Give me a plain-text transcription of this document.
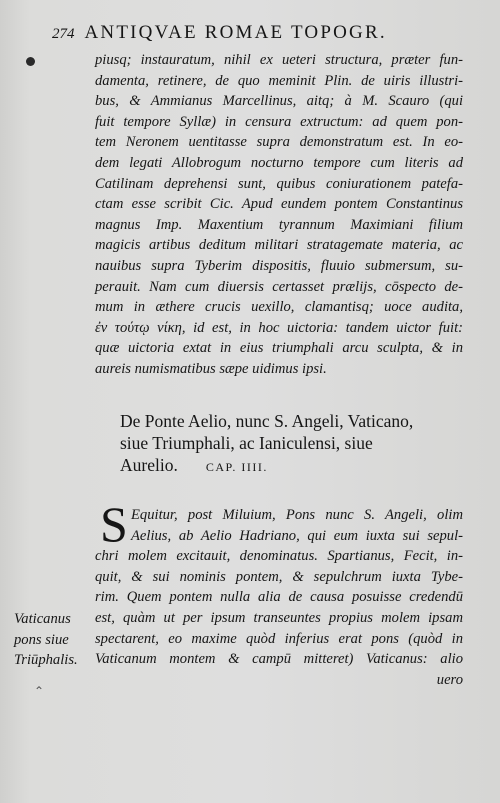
274 ANTIQVAE ROMAE TOPOGR.
piusq; instauratum, nihil ex ueteri structura, præter fun-
damenta, retinere, de quo meminit Plin. de uiris illustri-
bus, & Ammianus Marcellinus, aitq; à M. Scauro (qui
fuit tempore Syllæ) in censura extructum: ad quem pon-
tem Neronem uentitasse supra demonstratum est. In eo-
dem legati Allobrogum nocturno tempore cum literis ad
Catilinam deprehensi sunt, quibus coniurationem patefa-
ctam esse scribit Cic. Apud eundem pontem Constantinus
magnus Imp. Maxentium tyrannum Maximiani filium
magicis artibus deditum militari stratagemate materia, ac
nauibus supra Tyberim dispositis, fluuio submersum, su-
perauit. Nam cum diuersis certasset prælijs, cōspecto de-
mum in æthere crucis uexillo, clamantisq; uoce audita,
ἐν τούτῳ νίκη, id est, in hoc uictoria: tandem uictor fuit:
quæ uictoria extat in eius triumphali arcu sculpta, & in
aureis numismatibus sæpe uidimus ipsi.
De Ponte Aelio, nunc S. Angeli, Vaticano,
siue Triumphali, ac Ianiculensi, siue
Aurelio. CAP. IIII.
S Equitur, post Miluium, Pons nunc S. Angeli, olim
Aelius, ab Aelio Hadriano, qui eum iuxta sui sepul-
chri molem excitauit, denominatus. Spartianus, Fecit, in-
quit, & sui nominis pontem, & sepulchrum iuxta Tybe-
rim. Quem pontem nulla alia de causa posuisse credendū
est, quàm ut per ipsum transeuntes propius molem ipsam
spectarent, eo maxime quòd inferius erat pons (quòd in
Vaticanum montem & campū mitteret) Vaticanus: alio
uero
Vaticanus
pons siue
Triūphalis.
⌃
